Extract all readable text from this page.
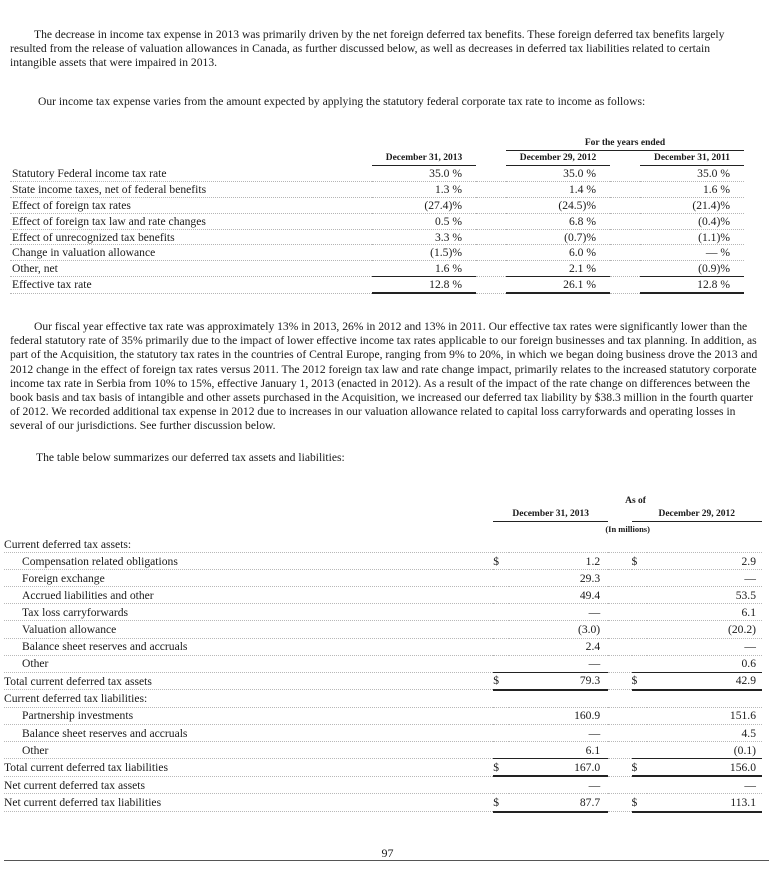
The decrease in income tax expense in 2013 was primarily driven by the net foreign deferred tax benefits. These foreign deferred tax benefits largely resulted from the release of valuation allowances in Canada, as further discussed below, as well as decreases in deferred tax liabilities related to certain intangible assets that were impaired in 2013.

Our income tax expense varies from the amount expected by applying the statutory federal corporate tax rate to income as follows:

			For the years ended				
	December 31, 2013		December 29, 2012		December 31, 2011		
Statutory Federal income tax rate	35.0 %		35.0 %		35.0 %		
State income taxes, net of federal benefits	1.3 %		1.4 %		1.6 %		
Effect of foreign tax rates	(27.4)%		(24.5)%		(21.4)%		
Effect of foreign tax law and rate changes	0.5 %		6.8 %		(0.4)%		
Effect of unrecognized tax benefits	3.3 %		(0.7)%		(1.1)%		
Change in valuation allowance	(1.5)%		6.0 %		— %		
Other, net	1.6 %		2.1 %		(0.9)%		
Effective tax rate	12.8 %		26.1 %		12.8 %		

Our fiscal year effective tax rate was approximately 13% in 2013, 26% in 2012 and 13% in 2011. Our effective tax rates were significantly lower than the federal statutory rate of 35% primarily due to the impact of lower effective income tax rates applicable to our foreign businesses and tax planning. In addition, as part of the Acquisition, the statutory tax rates in the countries of Central Europe, ranging from 9% to 20%, in which we began doing business drove the 2013 and 2012 change in the effect of foreign tax rates versus 2011. The 2012 foreign tax law and rate change impact, primarily relates to the increased statutory corporate income tax rate in Serbia from 10% to 15%, effective January 1, 2013 (enacted in 2012). As a result of the impact of the rate change on differences between the book basis and tax basis of intangible and other assets purchased in the Acquisition, we increased our deferred tax liability by $38.3 million in the fourth quarter of 2012. We recorded additional tax expense in 2012 due to increases in our valuation allowance related to capital loss carryforwards and operating losses in several of our jurisdictions. See further discussion below.

The table below summarizes our deferred tax assets and liabilities:

		As of			
	December 31, 2013			December 29, 2012	
	(In millions)				
Current deferred tax assets:					
Compensation related obligations	$	1.2		$	2.9
Foreign exchange		29.3			—
Accrued liabilities and other		49.4			53.5
Tax loss carryforwards		—			6.1
Valuation allowance		(3.0)			(20.2)
Balance sheet reserves and accruals		2.4			—
Other		—			0.6
Total current deferred tax assets	$	79.3		$	42.9
Current deferred tax liabilities:					
Partnership investments		160.9			151.6
Balance sheet reserves and accruals		—			4.5
Other		6.1			(0.1)
Total current deferred tax liabilities	$	167.0		$	156.0
Net current deferred tax assets		—			—
Net current deferred tax liabilities	$	87.7		$	113.1
97
